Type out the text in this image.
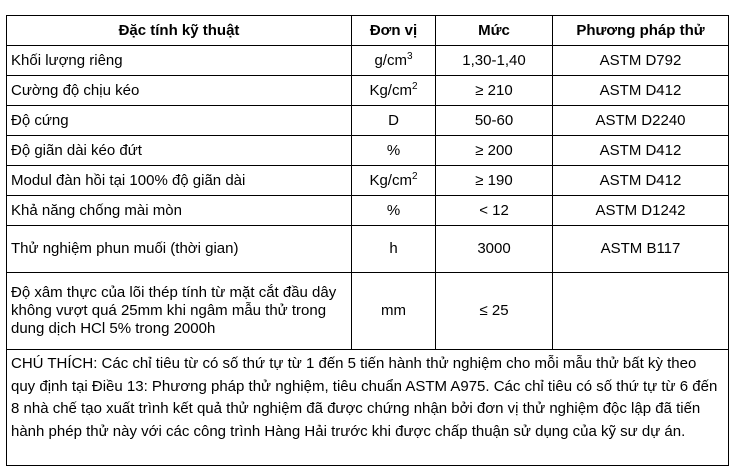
Đặc tính kỹ thuật	Đơn vị	Mức	Phương pháp thử
Khối lượng riêng	$g/cm^3$	1,30-1,40	ASTM D792
Cường độ chịu kéo	$Kg/cm^2$	≥ 210	ASTM D412
Độ cứng	D	50-60	ASTM D2240
Độ giãn dài kéo đứt	%	≥ 200	ASTM D412
Modul đàn hồi tại 100% độ giãn dài	$Kg/cm^2$	≥ 190	ASTM D412
Khả năng chống mài mòn	%	< 12	ASTM D1242
Thử nghiệm phun muối (thời gian)	h	3000	ASTM B117
Độ xâm thực của lõi thép tính từ mặt cắt đầu dây không vượt quá 25mm khi ngâm mẫu thử trong dung dịch HCl 5% trong 2000h	mm	≤ 25	
CHÚ THÍCH: Các chỉ tiêu từ có số thứ tự từ 1 đến 5 tiến hành thử nghiệm cho mỗi mẫu thử bất kỳ theo quy định tại Điều 13: Phương pháp thử nghiệm, tiêu chuẩn ASTM A975. Các chỉ tiêu có số thứ tự từ 6 đến 8 nhà chế tạo xuất trình kết quả thử nghiệm đã được chứng nhận bởi đơn vị thử nghiệm độc lập đã tiến hành phép thử này với các công trình Hàng Hải trước khi được chấp thuận sử dụng của kỹ sư dự án.			
